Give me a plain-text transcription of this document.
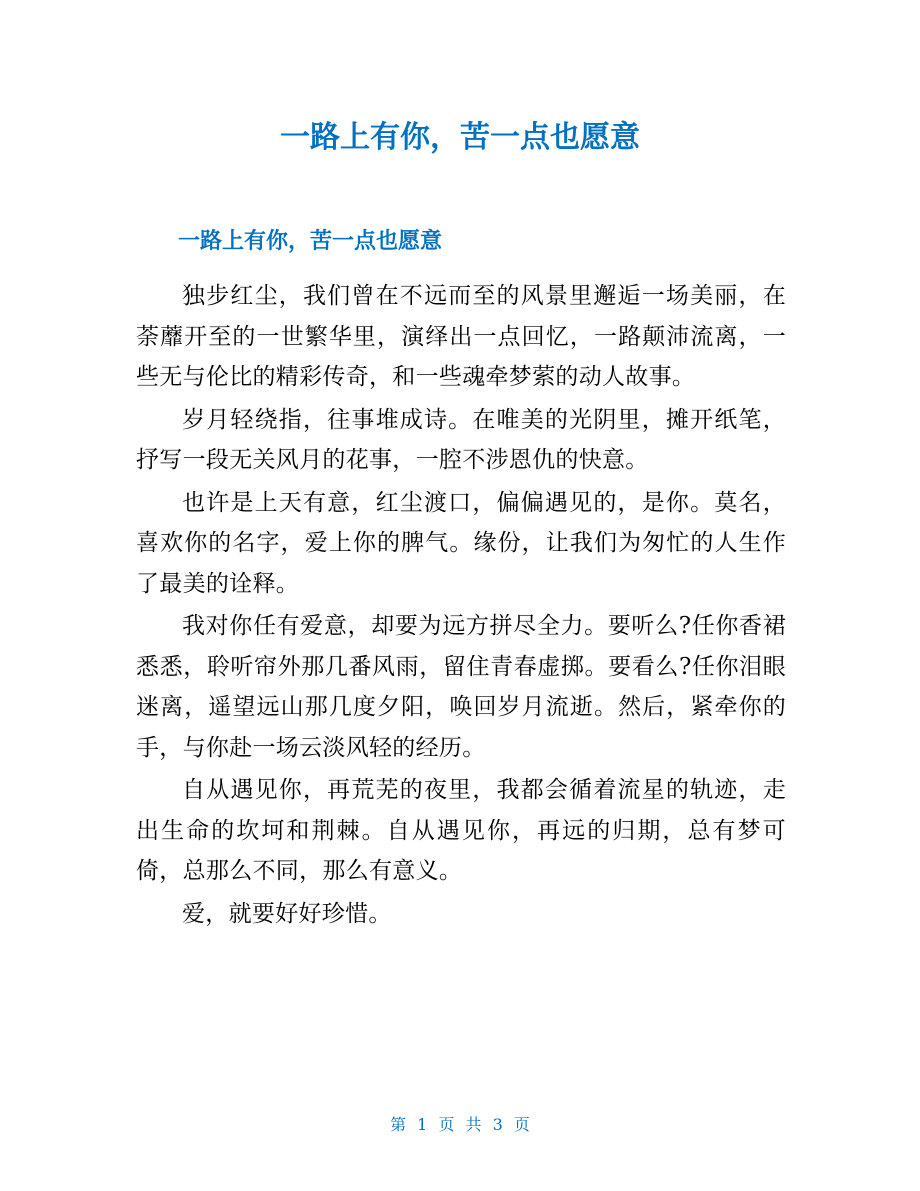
一路上有你，苦一点也愿意
一路上有你，苦一点也愿意

独步红尘，我们曾在不远而至的风景里邂逅一场美丽，在荼蘼开至的一世繁华里，演绎出一点回忆，一路颠沛流离，一些无与伦比的精彩传奇，和一些魂牵梦萦的动人故事。

岁月轻绕指，往事堆成诗。在唯美的光阴里，摊开纸笔，抒写一段无关风月的花事，一腔不涉恩仇的快意。

也许是上天有意，红尘渡口，偏偏遇见的，是你。莫名，喜欢你的名字，爱上你的脾气。缘份，让我们为匆忙的人生作了最美的诠释。

我对你任有爱意，却要为远方拼尽全力。要听么?任你香裙悉悉，聆听帘外那几番风雨，留住青春虚掷。要看么?任你泪眼迷离，遥望远山那几度夕阳，唤回岁月流逝。然后，紧牵你的手，与你赴一场云淡风轻的经历。

自从遇见你，再荒芜的夜里，我都会循着流星的轨迹，走出生命的坎坷和荆棘。自从遇见你，再远的归期，总有梦可倚，总那么不同，那么有意义。

爱，就要好好珍惜。

第 1 页 共 3 页
